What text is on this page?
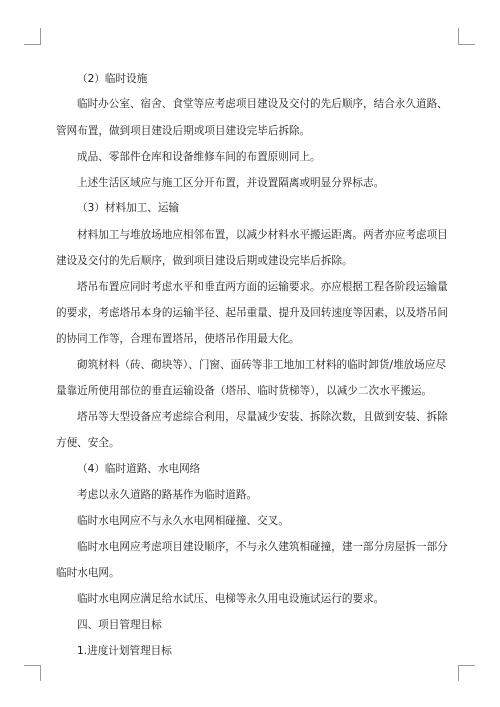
（2）临时设施

临时办公室、宿舍、食堂等应考虑项目建设及交付的先后顺序，结合永久道路、

管网布置，做到项目建设后期或项目建设完毕后拆除。

成品、零部件仓库和设备维修车间的布置原则同上。

上述生活区域应与施工区分开布置，并设置隔离或明显分界标志。

（3）材料加工、运输

材料加工与堆放场地应相邻布置，以减少材料水平搬运距离。两者亦应考虑项目

建设及交付的先后顺序，做到项目建设后期或建设完毕后拆除。

塔吊布置应同时考虑水平和垂直两方面的运输要求。亦应根据工程各阶段运输量

的要求，考虑塔吊本身的运输半径、起吊重量、提升及回转速度等因素，以及塔吊间

的协同工作等，合理布置塔吊，使塔吊作用最大化。

砌筑材料（砖、砌块等）、门窗、面砖等非工地加工材料的临时卸货/堆放场应尽

量靠近所使用部位的垂直运输设备（塔吊、临时货梯等），以减少二次水平搬运。

塔吊等大型设备应考虑综合利用，尽量减少安装、拆除次数，且做到安装、拆除

方便、安全。

（4）临时道路、水电网络

考虑以永久道路的路基作为临时道路。

临时水电网应不与永久水电网相碰撞、交叉。

临时水电网应考虑项目建设顺序，不与永久建筑相碰撞，建一部分房屋拆一部分

临时水电网。

临时水电网应满足给水试压、电梯等永久用电设施试运行的要求。

四、项目管理目标

1.进度计划管理目标
